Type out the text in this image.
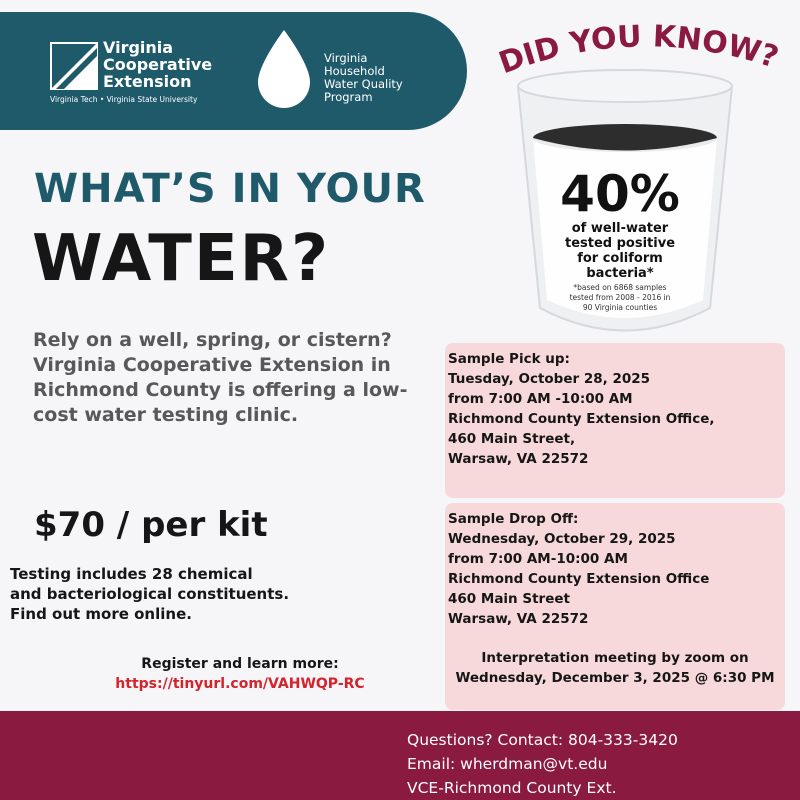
Virginia
Cooperative
Extension
Virginia Tech • Virginia State University
Virginia
Household
Water Quality
Program
WHAT’S IN YOUR
WATER?
Rely on a well, spring, or cistern? Virginia Cooperative Extension in Richmond County is offering a low-cost water testing clinic.
$70 / per kit
Testing includes 28 chemical
and bacteriological constituents.
Find out more online.
Register and learn more:
https://tinyurl.com/VAHWQP-RC
DID YOU KNOW?
40%
of well-water
tested positive
for coliform
bacteria*
*based on 6868 samples
tested from 2008 - 2016 in
90 Virginia counties
Sample Pick up:
Tuesday, October 28, 2025
from 7:00 AM -10:00 AM
Richmond County Extension Office,
460 Main Street,
Warsaw, VA 22572
Sample Drop Off:
Wednesday, October 29, 2025
from 7:00 AM-10:00 AM
Richmond County Extension Office
460 Main Street
Warsaw, VA 22572
Interpretation meeting by zoom on
Wednesday, December 3, 2025 @ 6:30 PM
Questions? Contact: 804-333-3420
Email: wherdman@vt.edu
VCE-Richmond County Ext.
